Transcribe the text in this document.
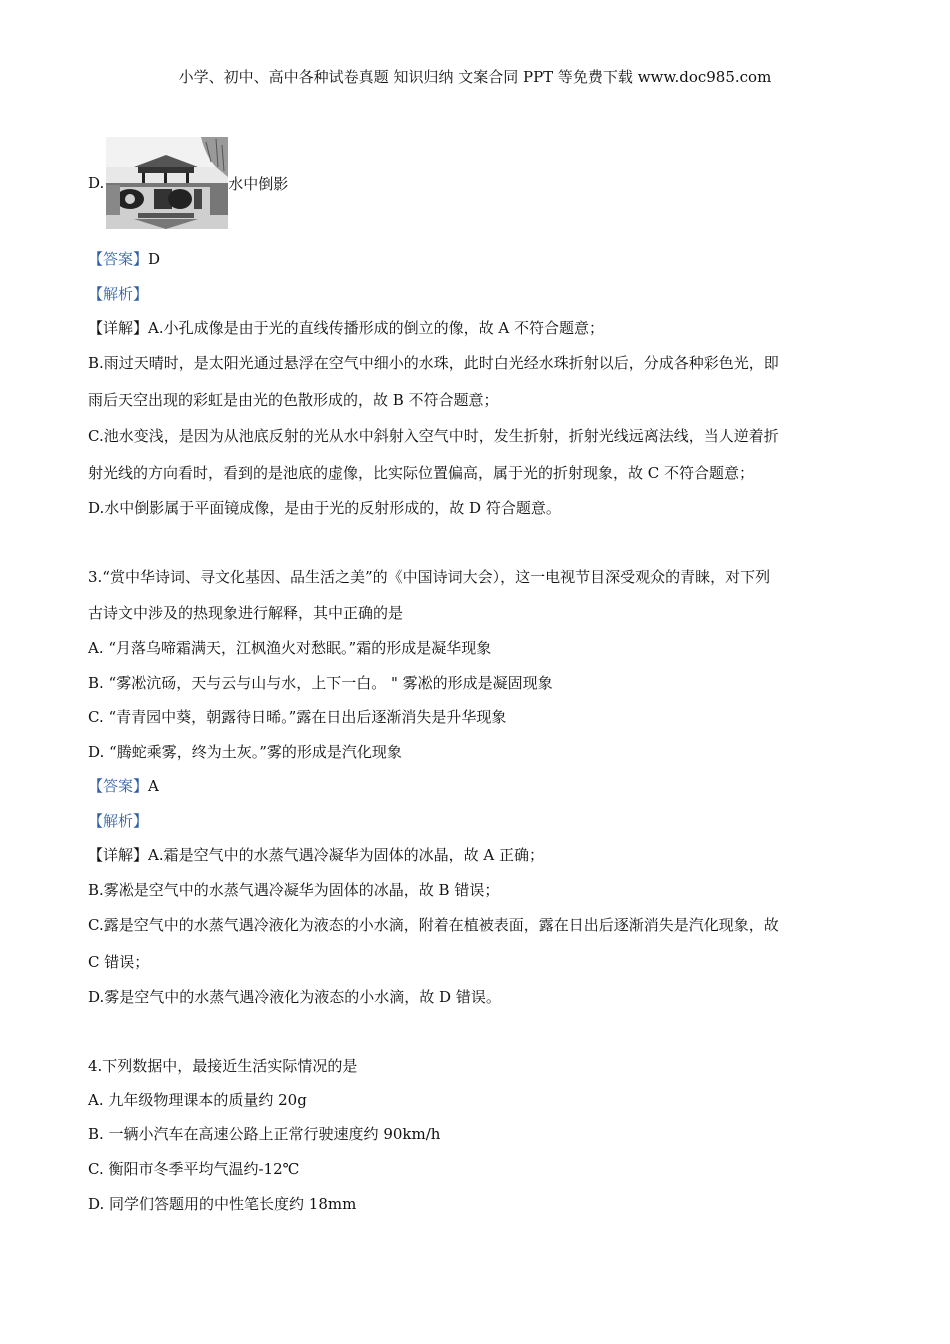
小学、初中、高中各种试卷真题 知识归纳 文案合同 PPT 等免费下载 www.doc985.com
D.	水中倒影
【答案】D
【解析】
【详解】A.小孔成像是由于光的直线传播形成的倒立的像，故 A 不符合题意；
B.雨过天晴时，是太阳光通过悬浮在空气中细小的水珠，此时白光经水珠折射以后，分成各种彩色光，即
雨后天空出现的彩虹是由光的色散形成的，故 B 不符合题意；
C.池水变浅，是因为从池底反射的光从水中斜射入空气中时，发生折射，折射光线远离法线，当人逆着折
射光线的方向看时，看到的是池底的虚像，比实际位置偏高，属于光的折射现象，故 C 不符合题意；
D.水中倒影属于平面镜成像，是由于光的反射形成的，故 D 符合题意。
3.“赏中华诗词、寻文化基因、品生活之美”的《中国诗词大会），这一电视节目深受观众的青睐，对下列
古诗文中涉及的热现象进行解释，其中正确的是
A. “月落乌啼霜满天，江枫渔火对愁眠。”霜的形成是凝华现象
B. “雾凇沆砀，天与云与山与水，上下一白。 " 雾凇的形成是凝固现象
C. “青青园中葵，朝露待日晞。”露在日出后逐渐消失是升华现象
D. “腾蛇乘雾，终为土灰。”雾的形成是汽化现象
【答案】A
【解析】
【详解】A.霜是空气中的水蒸气遇冷凝华为固体的冰晶，故 A 正确；
B.雾凇是空气中的水蒸气遇冷凝华为固体的冰晶，故 B 错误；
C.露是空气中的水蒸气遇冷液化为液态的小水滴，附着在植被表面，露在日出后逐渐消失是汽化现象，故
C 错误；
D.雾是空气中的水蒸气遇冷液化为液态的小水滴，故 D 错误。
4.下列数据中，最接近生活实际情况的是
A. 九年级物理课本的质量约 20g
B. 一辆小汽车在高速公路上正常行驶速度约 90km/h
C. 衡阳市冬季平均气温约-12℃
D. 同学们答题用的中性笔长度约 18mm
